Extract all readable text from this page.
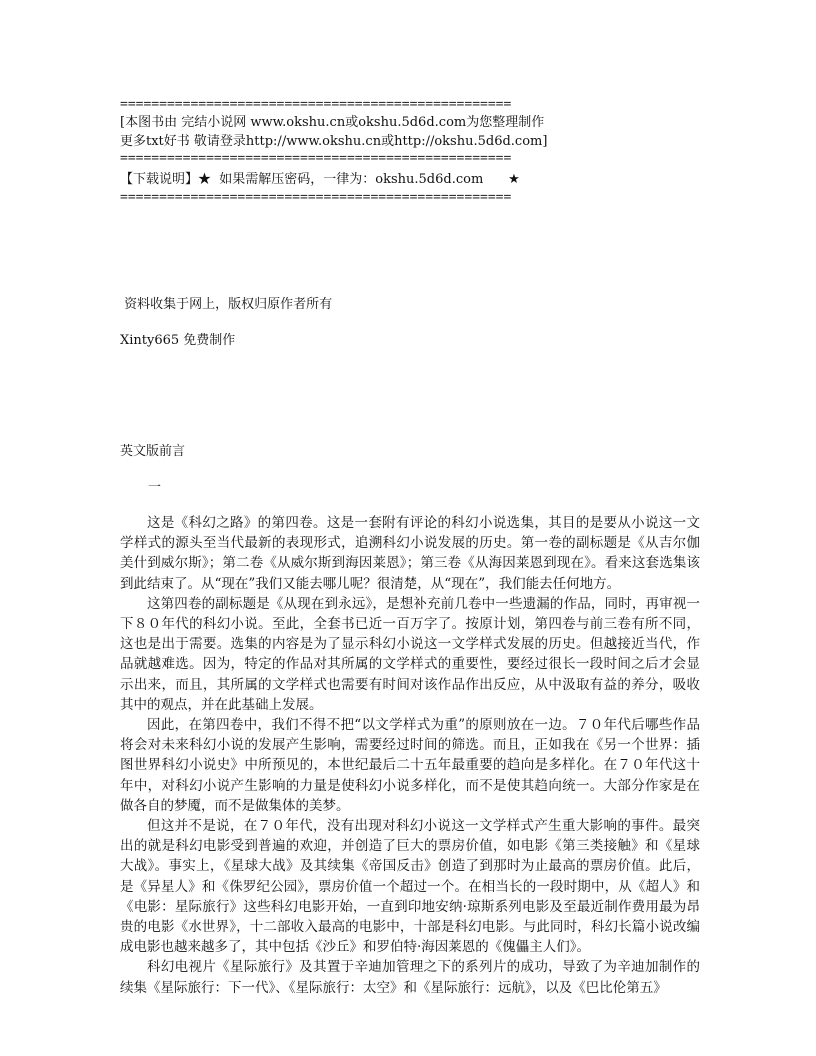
==================================================
[本图书由 完结小说网 www.okshu.cn或okshu.5d6d.com为您整理制作
更多txt好书 敬请登录http://www.okshu.cn或http://okshu.5d6d.com]
==================================================
【下载说明】★  如果需解压密码，一律为：okshu.5d6d.com      ★
==================================================
资料收集于网上，版权归原作者所有
Xinty665 免费制作
英文版前言
一

这是《科幻之路》的第四卷。这是一套附有评论的科幻小说选集，其目的是要从小说这一文学样式的源头至当代最新的表现形式，追溯科幻小说发展的历史。第一卷的副标题是《从吉尔伽美什到威尔斯》；第二卷《从威尔斯到海因莱恩》；第三卷《从海因莱恩到现在》。看来这套选集该到此结束了。从“现在”我们又能去哪儿呢？很清楚，从“现在”，我们能去任何地方。

这第四卷的副标题是《从现在到永远》，是想补充前几卷中一些遗漏的作品，同时，再审视一下８０年代的科幻小说。至此，全套书已近一百万字了。按原计划，第四卷与前三卷有所不同，这也是出于需要。选集的内容是为了显示科幻小说这一文学样式发展的历史。但越接近当代，作品就越难选。因为，特定的作品对其所属的文学样式的重要性，要经过很长一段时间之后才会显示出来，而且，其所属的文学样式也需要有时间对该作品作出反应，从中汲取有益的养分，吸收其中的观点，并在此基础上发展。

因此，在第四卷中，我们不得不把“以文学样式为重”的原则放在一边。７０年代后哪些作品将会对未来科幻小说的发展产生影响，需要经过时间的筛选。而且，正如我在《另一个世界：插图世界科幻小说史》中所预见的，本世纪最后二十五年最重要的趋向是多样化。在７０年代这十年中，对科幻小说产生影响的力量是使科幻小说多样化，而不是使其趋向统一。大部分作家是在做各自的梦魇，而不是做集体的美梦。

但这并不是说，在７０年代，没有出现对科幻小说这一文学样式产生重大影响的事件。最突出的就是科幻电影受到普遍的欢迎，并创造了巨大的票房价值，如电影《第三类接触》和《星球大战》。事实上，《星球大战》及其续集《帝国反击》创造了到那时为止最高的票房价值。此后，是《异星人》和《侏罗纪公园》，票房价值一个超过一个。在相当长的一段时期中，从《超人》和《电影：星际旅行》这些科幻电影开始，一直到印地安纳·琼斯系列电影及至最近制作费用最为昂贵的电影《水世界》，十二部收入最高的电影中，十部是科幻电影。与此同时，科幻长篇小说改编成电影也越来越多了，其中包括《沙丘》和罗伯特·海因莱恩的《傀儡主人们》。

科幻电视片《星际旅行》及其置于辛迪加管理之下的系列片的成功，导致了为辛迪加制作的续集《星际旅行：下一代》、《星际旅行：太空》和《星际旅行：远航》，以及《巴比伦第五》
